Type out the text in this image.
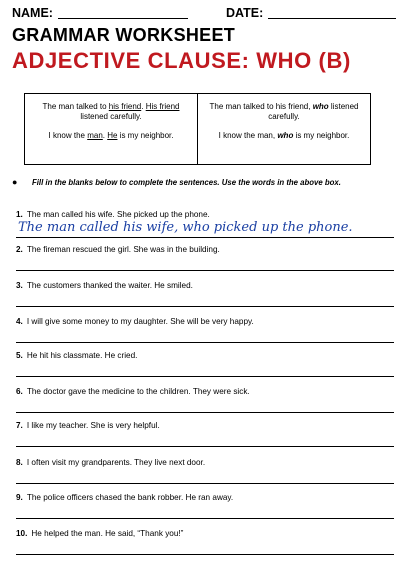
NAME:	DATE:
GRAMMAR WORKSHEET
ADJECTIVE CLAUSE: WHO (B)

The man talked to his friend. His friend listened carefully.

I know the man. He is my neighbor.

The man talked to his friend, who listened carefully.

I know the man, who is my neighbor.

● Fill in the blanks below to complete the sentences. Use the words in the above box.
1. The man called his wife. She picked up the phone.
The man called his wife, who picked up the phone.
2. The fireman rescued the girl. She was in the building.
3. The customers thanked the waiter. He smiled.
4. I will give some money to my daughter. She will be very happy.
5. He hit his classmate. He cried.
6. The doctor gave the medicine to the children. They were sick.
7. I like my teacher. She is very helpful.
8. I often visit my grandparents. They live next door.
9. The police officers chased the bank robber. He ran away.
10. He helped the man. He said, “Thank you!”
